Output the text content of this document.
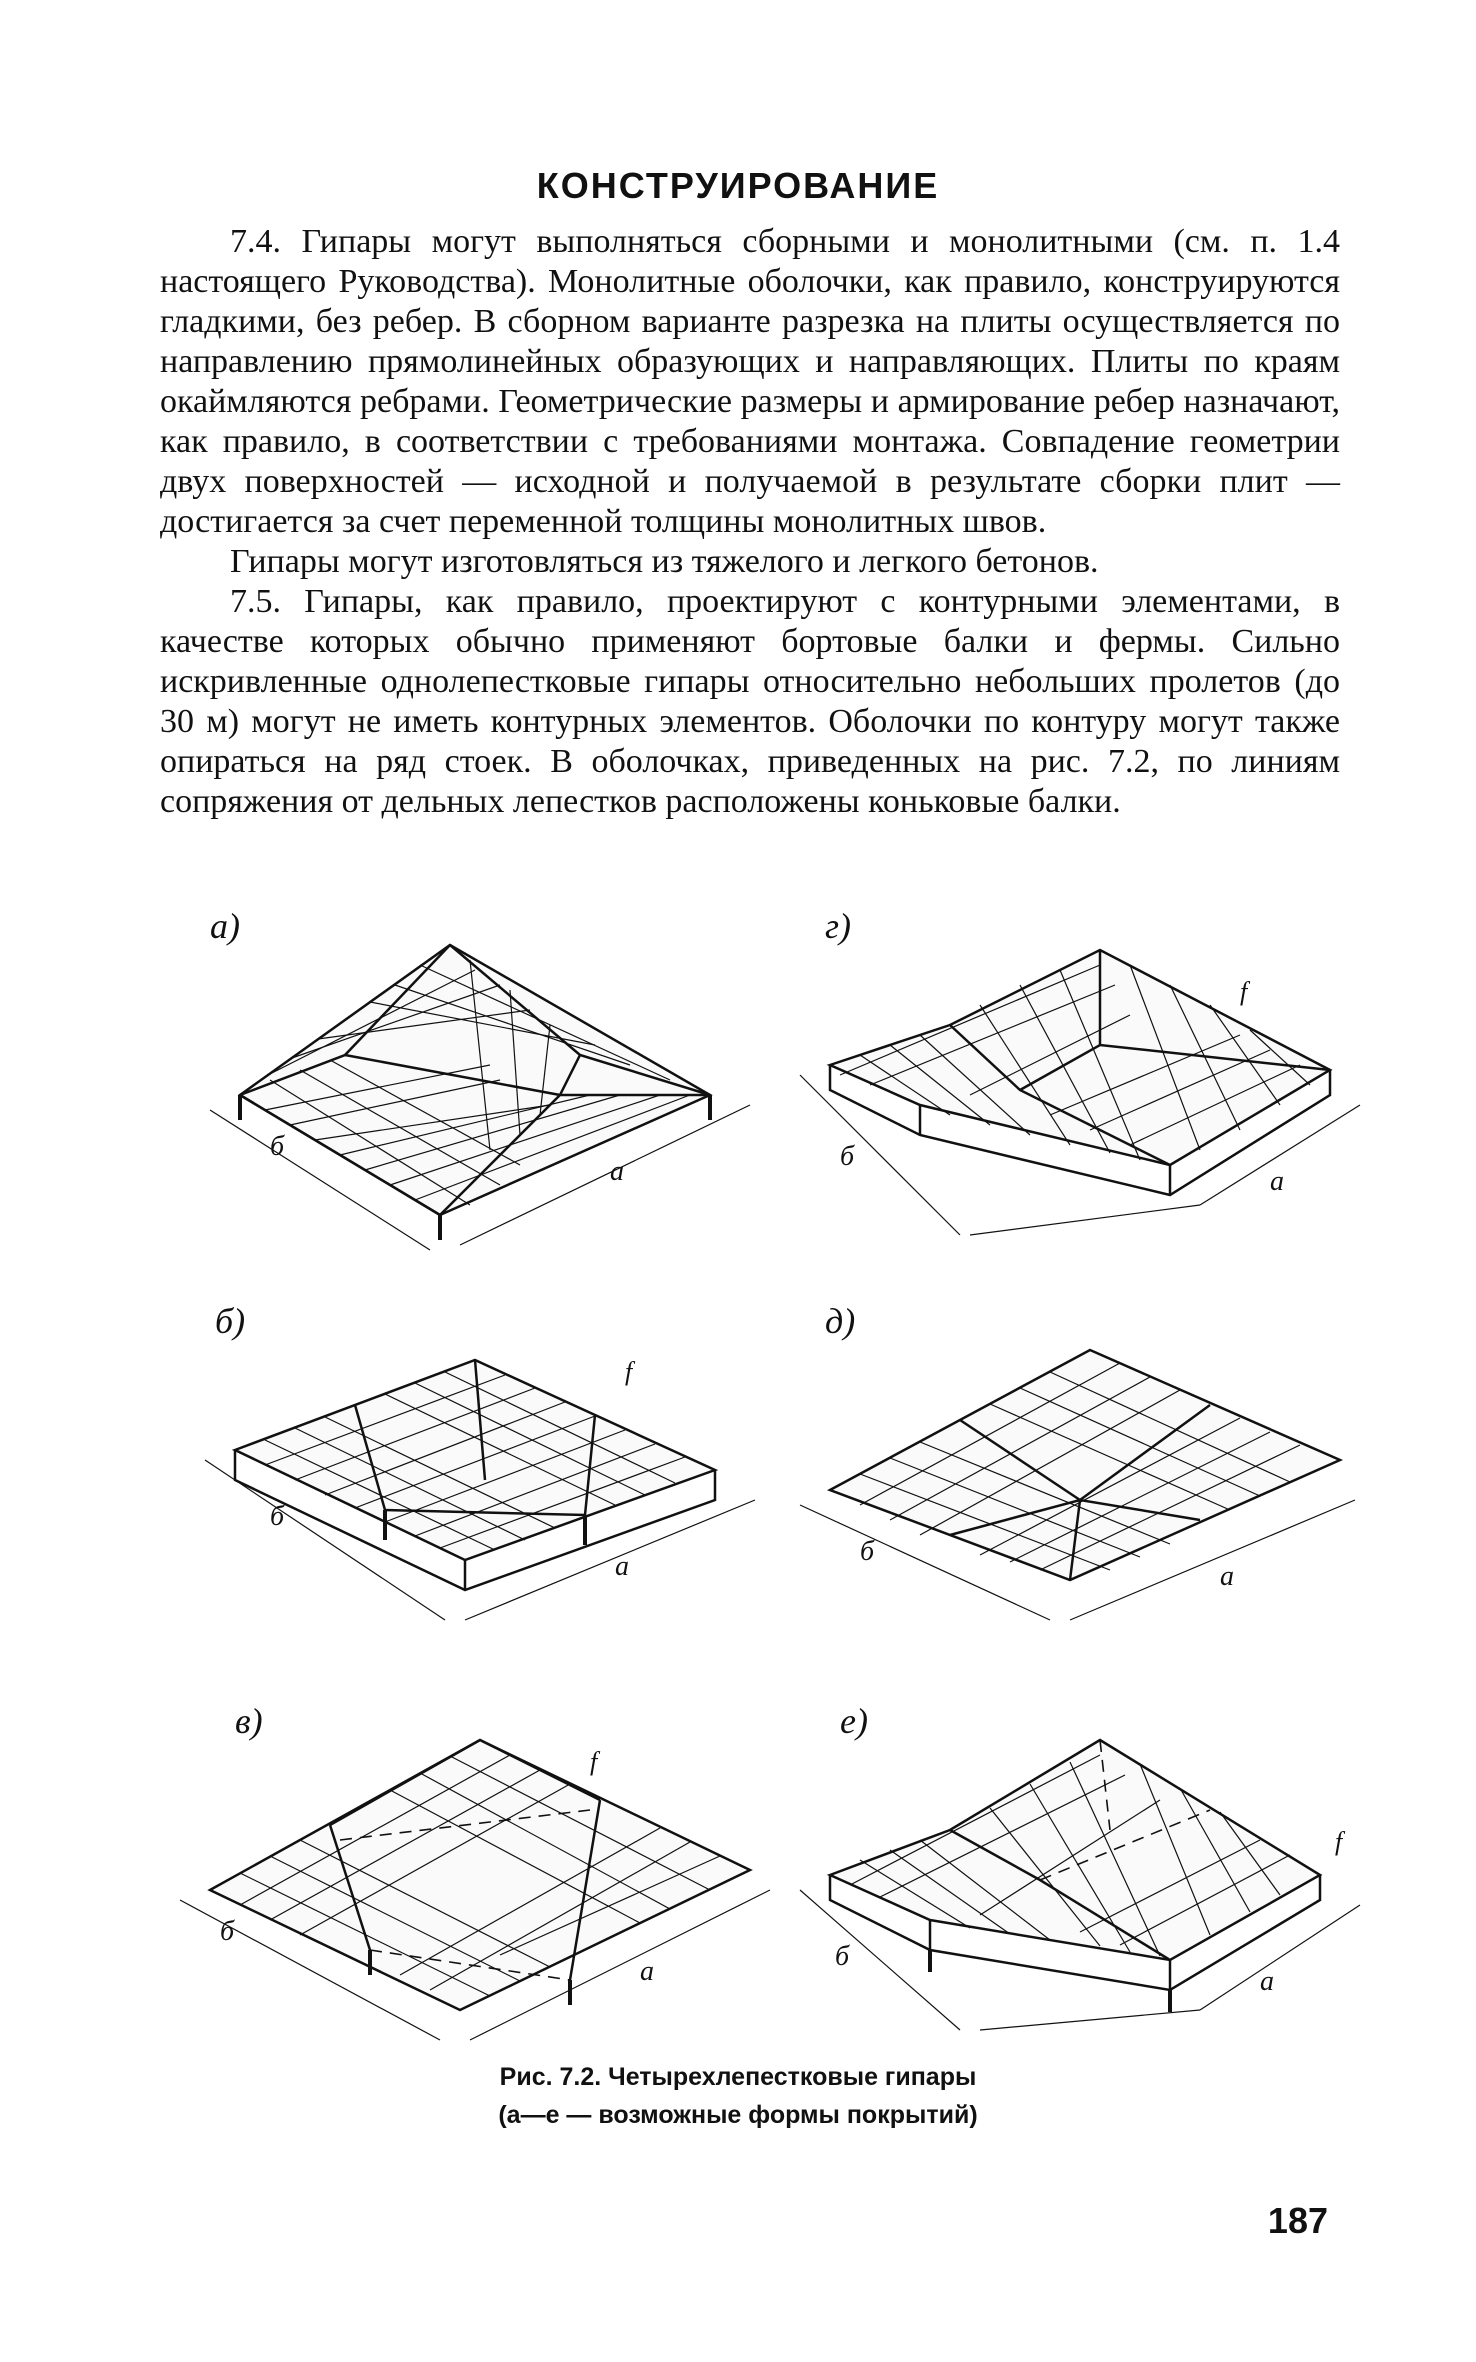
КОНСТРУИРОВАНИЕ

7.4. Гипары могут выполняться сборными и монолитными (см. п. 1.4 настоящего Руководства). Монолитные оболочки, как правило, конструируются гладкими, без ребер. В сборном варианте разрезка на плиты осуществляется по направлению прямолинейных образующих и направляющих. Плиты по краям окаймляются ребрами. Геометрические размеры и армирование ребер назначают, как правило, в соответствии с требованиями монтажа. Совпадение геометрии двух поверхностей — исходной и получаемой в результате сборки плит — достигается за счет переменной толщины монолитных швов.

Гипары могут изготовляться из тяжелого и легкого бетонов.

7.5. Гипары, как правило, проектируют с контурными элементами, в качестве которых обычно применяют бортовые балки и фермы. Сильно искривленные однолепестковые гипары относительно небольших пролетов (до 30 м) могут не иметь контурных элементов. Оболочки по контуру могут также опираться на ряд стоек. В оболочках, приведенных на рис. 7.2, по линиям сопряжения от дельных лепестков расположены коньковые балки.

а)
б
а
г)
б
а
f
б)
б
а
f
д)
б
а
в)
б
а
f
е)
б
а
f
Рис. 7.2. Четырехлепестковые гипары
(а—е — возможные формы покрытий)
187
